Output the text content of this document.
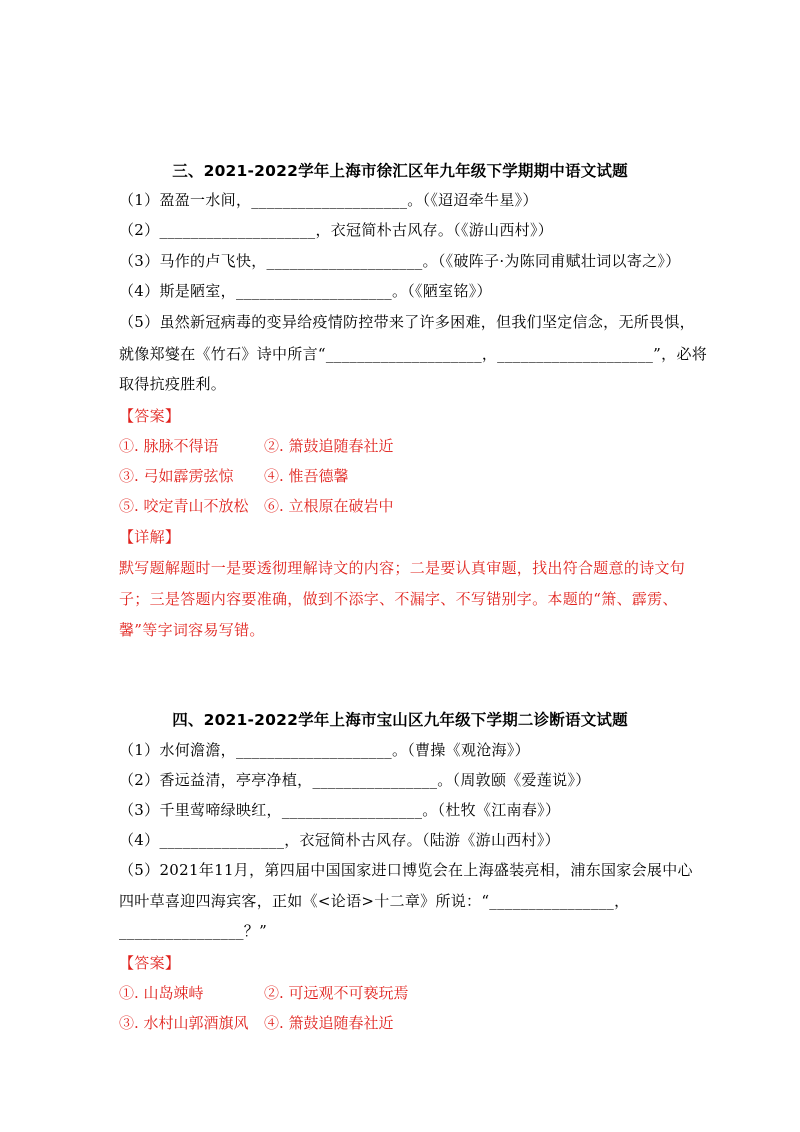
三、2021-2022学年上海市徐汇区年九年级下学期期中语文试题
（1）盈盈一水间，____________________。（《迢迢牵牛星》）
（2）____________________，衣冠简朴古风存。（《游山西村》）
（3）马作的卢飞快，____________________。（《破阵子·为陈同甫赋壮词以寄之》）
（4）斯是陋室，____________________。（《陋室铭》）
（5）虽然新冠病毒的变异给疫情防控带来了许多困难，但我们坚定信念，无所畏惧，
就像郑燮在《竹石》诗中所言“____________________，____________________”，必将
取得抗疫胜利。
【答案】
①. 脉脉不得语	②. 箫鼓追随春社近
③. 弓如霹雳弦惊 ④. 惟吾德馨
⑤. 咬定青山不放松 ⑥. 立根原在破岩中
【详解】
默写题解题时一是要透彻理解诗文的内容；二是要认真审题，找出符合题意的诗文句
子；三是答题内容要准确，做到不添字、不漏字、不写错别字。本题的“箫、霹雳、
馨”等字词容易写错。
四、2021-2022学年上海市宝山区九年级下学期二诊断语文试题
（1）水何澹澹，____________________。（曹操《观沧海》）
（2）香远益清，亭亭净植，________________。（周敦颐《爱莲说》）
（3）千里莺啼绿映红，__________________。（杜牧《江南春》）
（4）________________，衣冠简朴古风存。（陆游《游山西村》）
（5）2021年11月，第四届中国国家进口博览会在上海盛装亮相，浦东国家会展中心
四叶草喜迎四海宾客，正如《<论语>十二章》所说：“________________，
________________？”
【答案】
①. 山岛竦峙	②. 可远观不可亵玩焉
③. 水村山郭酒旗风 ④. 箫鼓追随春社近
